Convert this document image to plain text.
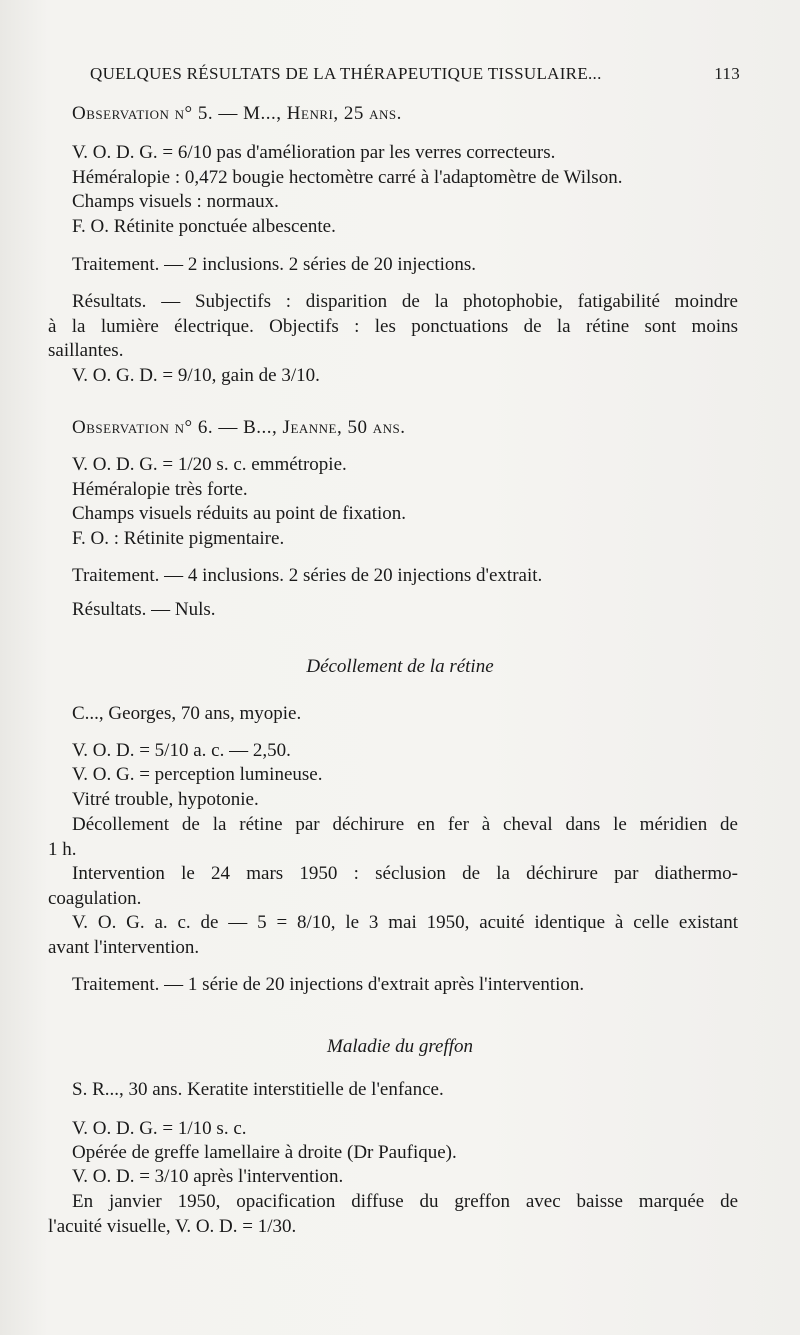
QUELQUES RÉSULTATS DE LA THÉRAPEUTIQUE TISSULAIRE...	113
Observation n° 5. — M..., Henri, 25 ans.
V. O. D. G. = 6/10 pas d'amélioration par les verres correcteurs.
Héméralopie : 0,472 bougie hectomètre carré à l'adaptomètre de Wilson.
Champs visuels : normaux.
F. O. Rétinite ponctuée albescente.
Traitement. — 2 inclusions. 2 séries de 20 injections.
Résultats. — Subjectifs : disparition de la photophobie, fatigabilité moindre
à la lumière électrique. Objectifs : les ponctuations de la rétine sont moins
saillantes.
V. O. G. D. = 9/10, gain de 3/10.
Observation n° 6. — B..., Jeanne, 50 ans.
V. O. D. G. = 1/20 s. c. emmétropie.
Héméralopie très forte.
Champs visuels réduits au point de fixation.
F. O. : Rétinite pigmentaire.
Traitement. — 4 inclusions. 2 séries de 20 injections d'extrait.
Résultats. — Nuls.
Décollement de la rétine
C..., Georges, 70 ans, myopie.
V. O. D. = 5/10 a. c. — 2,50.
V. O. G. = perception lumineuse.
Vitré trouble, hypotonie.
Décollement de la rétine par déchirure en fer à cheval dans le méridien de
1 h.
Intervention le 24 mars 1950 : séclusion de la déchirure par diathermo-
coagulation.
V. O. G. a. c. de — 5 = 8/10, le 3 mai 1950, acuité identique à celle existant
avant l'intervention.
Traitement. — 1 série de 20 injections d'extrait après l'intervention.
Maladie du greffon
S. R..., 30 ans. Keratite interstitielle de l'enfance.
V. O. D. G. = 1/10 s. c.
Opérée de greffe lamellaire à droite (Dr Paufique).
V. O. D. = 3/10 après l'intervention.
En janvier 1950, opacification diffuse du greffon avec baisse marquée de
l'acuité visuelle, V. O. D. = 1/30.
